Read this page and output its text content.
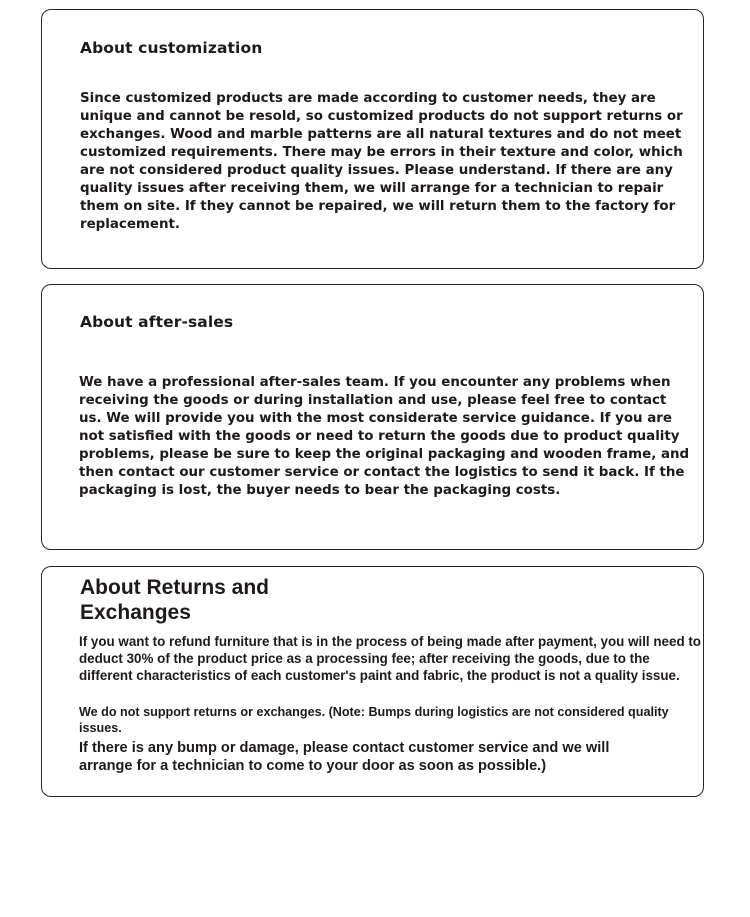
About customization

Since customized products are made according to customer needs, they are unique and cannot be resold, so customized products do not support returns or exchanges. Wood and marble patterns are all natural textures and do not meet customized requirements. There may be errors in their texture and color, which are not considered product quality issues. Please understand. If there are any quality issues after receiving them, we will arrange for a technician to repair them on site. If they cannot be repaired, we will return them to the factory for replacement.

About after-sales

We have a professional after-sales team. If you encounter any problems when receiving the goods or during installation and use, please feel free to contact us. We will provide you with the most considerate service guidance. If you are not satisfied with the goods or need to return the goods due to product quality problems, please be sure to keep the original packaging and wooden frame, and then contact our customer service or contact the logistics to send it back. If the packaging is lost, the buyer needs to bear the packaging costs.

About Returns and Exchanges

If you want to refund furniture that is in the process of being made after payment, you will need to deduct 30% of the product price as a processing fee; after receiving the goods, due to the different characteristics of each customer's paint and fabric, the product is not a quality issue.

We do not support returns or exchanges. (Note: Bumps during logistics are not considered quality issues.

If there is any bump or damage, please contact customer service and we will arrange for a technician to come to your door as soon as possible.)
